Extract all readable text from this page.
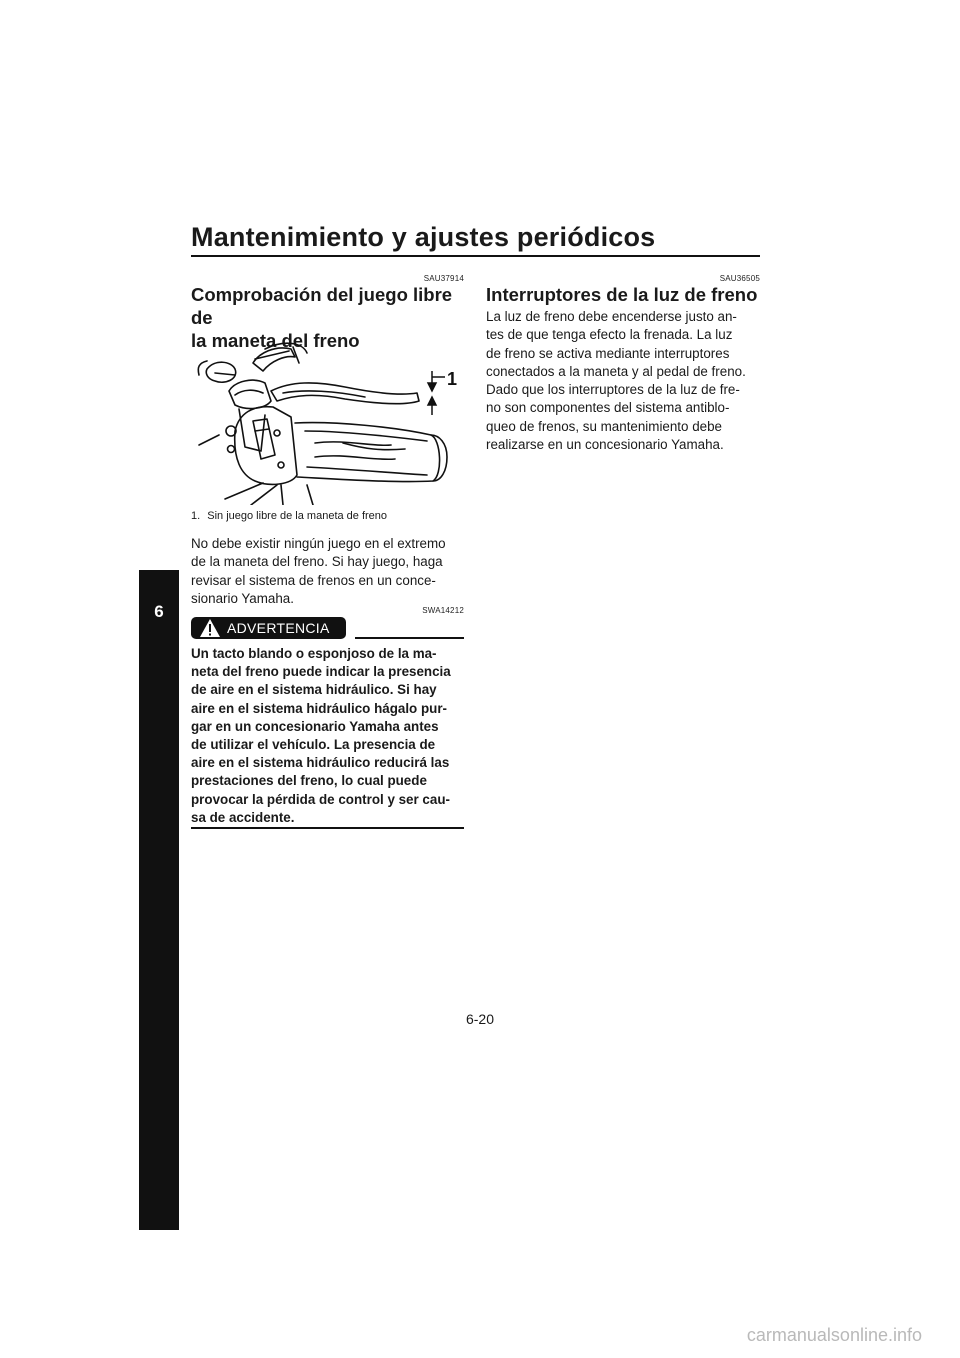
Mantenimiento y ajustes periódicos
6
SAU37914
Comprobación del juego libre de
la maneta del freno
1
1. Sin juego libre de la maneta de freno
No debe existir ningún juego en el extremo
de la maneta del freno. Si hay juego, haga
revisar el sistema de frenos en un conce-
sionario Yamaha.
SWA14212
ADVERTENCIA
Un tacto blando o esponjoso de la ma-
neta del freno puede indicar la presencia
de aire en el sistema hidráulico. Si hay
aire en el sistema hidráulico hágalo pur-
gar en un concesionario Yamaha antes
de utilizar el vehículo. La presencia de
aire en el sistema hidráulico reducirá las
prestaciones del freno, lo cual puede
provocar la pérdida de control y ser cau-
sa de accidente.
SAU36505
Interruptores de la luz de freno
La luz de freno debe encenderse justo an-
tes de que tenga efecto la frenada. La luz
de freno se activa mediante interruptores
conectados a la maneta y al pedal de freno.
Dado que los interruptores de la luz de fre-
no son componentes del sistema antiblo-
queo de frenos, su mantenimiento debe
realizarse en un concesionario Yamaha.
6-20
carmanualsonline.info
